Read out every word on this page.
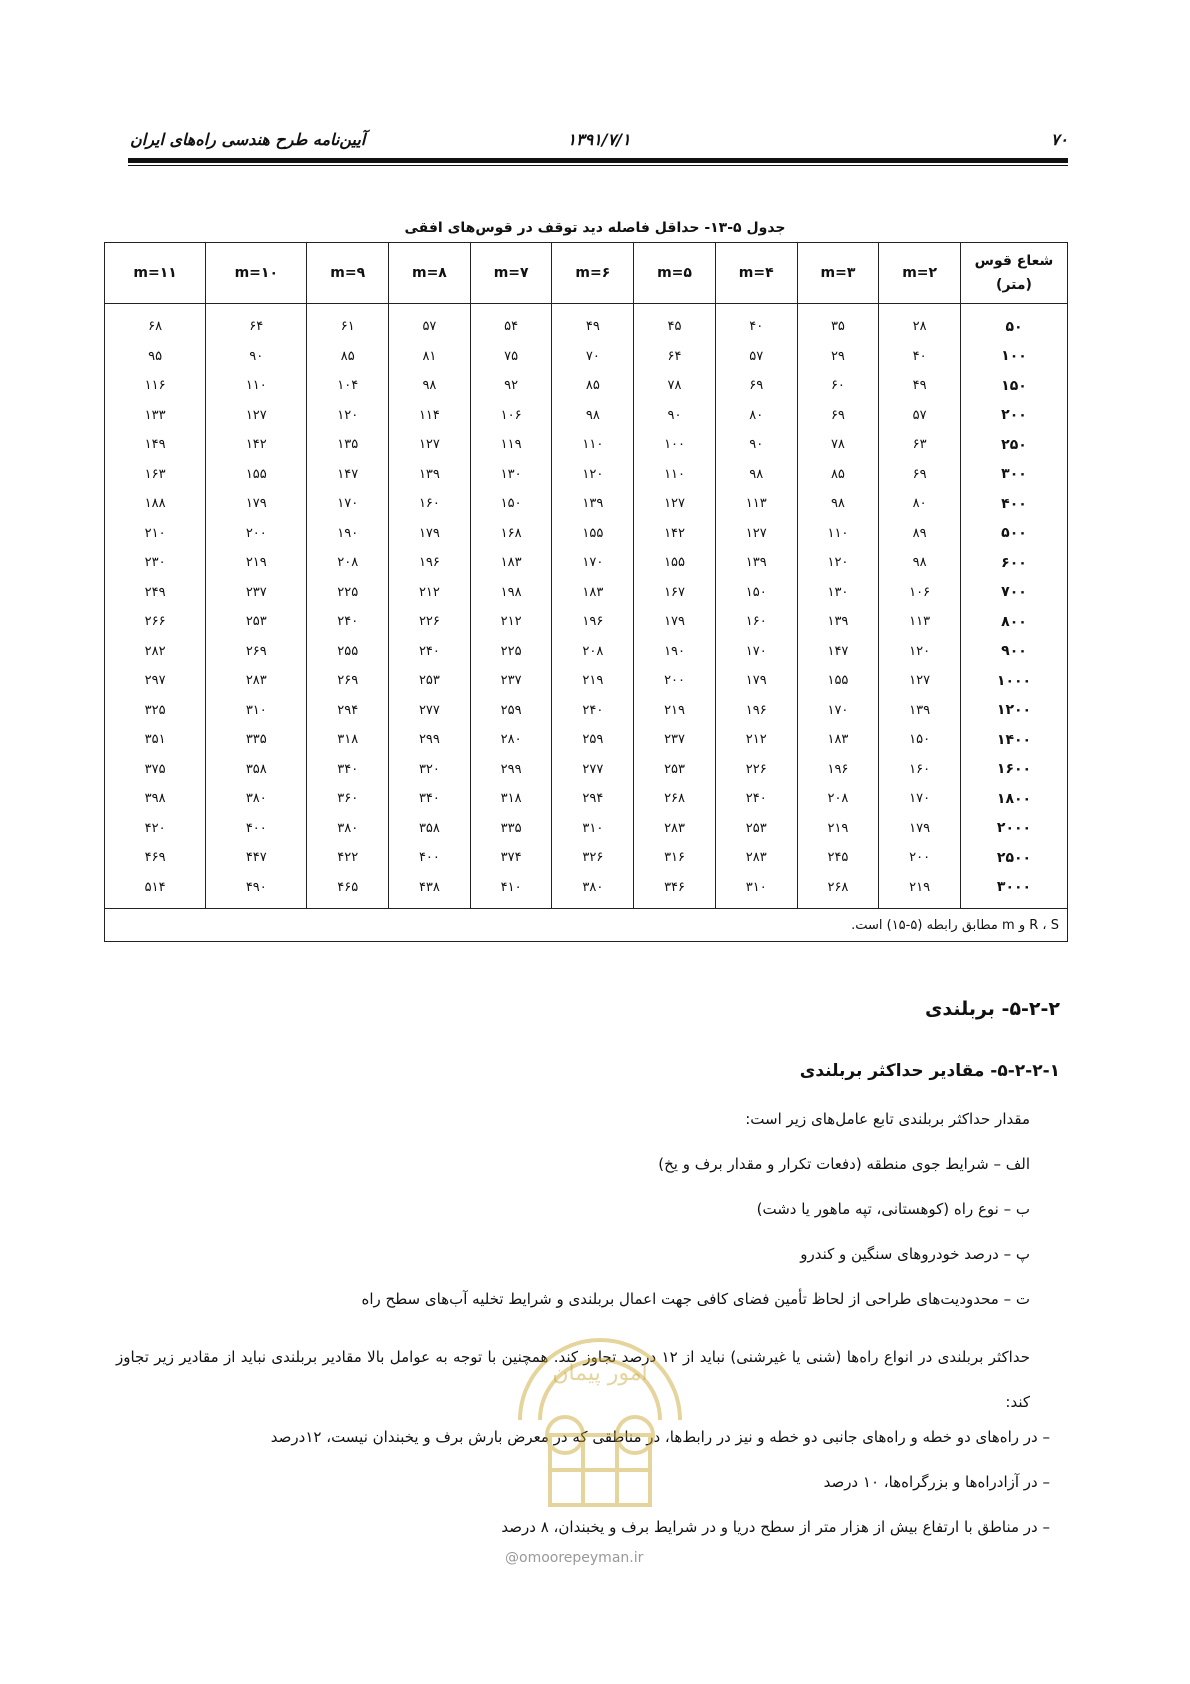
آیین‌نامه طرح هندسی راه‌های ایران	۱۳۹۱/۷/۱	۷۰
جدول ۵-۱۳- حداقل فاصله دید توقف در قوس‌های افقی
شعاع قوس
(متر)	m=۲	m=۳	m=۴	m=۵	m=۶	m=۷	m=۸	m=۹	m=۱۰	m=۱۱
۵۰	۲۸	۳۵	۴۰	۴۵	۴۹	۵۴	۵۷	۶۱	۶۴	۶۸
۱۰۰	۴۰	۲۹	۵۷	۶۴	۷۰	۷۵	۸۱	۸۵	۹۰	۹۵
۱۵۰	۴۹	۶۰	۶۹	۷۸	۸۵	۹۲	۹۸	۱۰۴	۱۱۰	۱۱۶
۲۰۰	۵۷	۶۹	۸۰	۹۰	۹۸	۱۰۶	۱۱۴	۱۲۰	۱۲۷	۱۳۳
۲۵۰	۶۳	۷۸	۹۰	۱۰۰	۱۱۰	۱۱۹	۱۲۷	۱۳۵	۱۴۲	۱۴۹
۳۰۰	۶۹	۸۵	۹۸	۱۱۰	۱۲۰	۱۳۰	۱۳۹	۱۴۷	۱۵۵	۱۶۳
۴۰۰	۸۰	۹۸	۱۱۳	۱۲۷	۱۳۹	۱۵۰	۱۶۰	۱۷۰	۱۷۹	۱۸۸
۵۰۰	۸۹	۱۱۰	۱۲۷	۱۴۲	۱۵۵	۱۶۸	۱۷۹	۱۹۰	۲۰۰	۲۱۰
۶۰۰	۹۸	۱۲۰	۱۳۹	۱۵۵	۱۷۰	۱۸۳	۱۹۶	۲۰۸	۲۱۹	۲۳۰
۷۰۰	۱۰۶	۱۳۰	۱۵۰	۱۶۷	۱۸۳	۱۹۸	۲۱۲	۲۲۵	۲۳۷	۲۴۹
۸۰۰	۱۱۳	۱۳۹	۱۶۰	۱۷۹	۱۹۶	۲۱۲	۲۲۶	۲۴۰	۲۵۳	۲۶۶
۹۰۰	۱۲۰	۱۴۷	۱۷۰	۱۹۰	۲۰۸	۲۲۵	۲۴۰	۲۵۵	۲۶۹	۲۸۲
۱۰۰۰	۱۲۷	۱۵۵	۱۷۹	۲۰۰	۲۱۹	۲۳۷	۲۵۳	۲۶۹	۲۸۳	۲۹۷
۱۲۰۰	۱۳۹	۱۷۰	۱۹۶	۲۱۹	۲۴۰	۲۵۹	۲۷۷	۲۹۴	۳۱۰	۳۲۵
۱۴۰۰	۱۵۰	۱۸۳	۲۱۲	۲۳۷	۲۵۹	۲۸۰	۲۹۹	۳۱۸	۳۳۵	۳۵۱
۱۶۰۰	۱۶۰	۱۹۶	۲۲۶	۲۵۳	۲۷۷	۲۹۹	۳۲۰	۳۴۰	۳۵۸	۳۷۵
۱۸۰۰	۱۷۰	۲۰۸	۲۴۰	۲۶۸	۲۹۴	۳۱۸	۳۴۰	۳۶۰	۳۸۰	۳۹۸
۲۰۰۰	۱۷۹	۲۱۹	۲۵۳	۲۸۳	۳۱۰	۳۳۵	۳۵۸	۳۸۰	۴۰۰	۴۲۰
۲۵۰۰	۲۰۰	۲۴۵	۲۸۳	۳۱۶	۳۲۶	۳۷۴	۴۰۰	۴۲۲	۴۴۷	۴۶۹
۳۰۰۰	۲۱۹	۲۶۸	۳۱۰	۳۴۶	۳۸۰	۴۱۰	۴۳۸	۴۶۵	۴۹۰	۵۱۴
R ، S و m مطابق رابطه (۵-۱۵) است.										
۵-۲-۲- بربلندی
۵-۲-۲-۱- مقادیر حداکثر بربلندی
مقدار حداکثر بربلندی تابع عامل‌های زیر است:
الف – شرایط جوی منطقه (دفعات تکرار و مقدار برف و یخ)
ب – نوع راه (کوهستانی، تپه ماهور یا دشت)
پ – درصد خودروهای سنگین و کندرو
ت – محدودیت‌های طراحی از لحاظ تأمین فضای کافی جهت اعمال بربلندی و شرایط تخلیه آب‌های سطح راه
حداکثر بربلندی در انواع راه‌ها (شنی یا غیرشنی) نباید از ۱۲ درصد تجاوز کند. همچنین با توجه به عوامل بالا مقادیر بربلندی نباید از مقادیر زیر تجاوز کند:
– در راه‌های دو خطه و راه‌های جانبی دو خطه و نیز در رابط‌ها، در مناطقی که در معرض بارش برف و یخبندان نیست، ۱۲درصد
– در آزادراه‌ها و بزرگراه‌ها، ۱۰ درصد
– در مناطق با ارتفاع بیش از هزار متر از سطح دریا و در شرایط برف و یخبندان، ۸ درصد
امور پیمان
@omoorepeyman.ir
